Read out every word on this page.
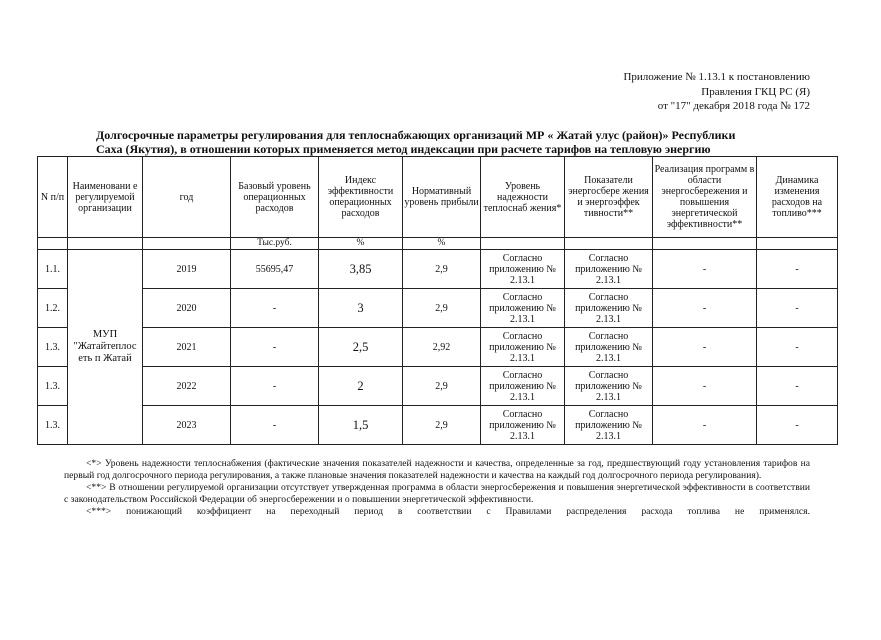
Приложение № 1.13.1 к постановлению
Правления ГКЦ РС (Я)
от "17" декабря 2018 года № 172
Долгосрочные параметры регулирования для теплоснабжающих организаций МР « Жатай улус (район)» Республики
Саха (Якутия), в отношении которых применяется метод индексации при расчете тарифов на тепловую энергию
N п/п	Наименовани е регулируемой организации	год	Базовый уровень операционных расходов	Индекс эффективности операционных расходов	Нормативный уровень прибыли	Уровень надежности теплоснаб жения*	Показатели энергосбере жения и энергоэффек тивности**	Реализация программ в области энергосбережения и повышения энергетической эффективности**	Динамика изменения расходов на топливо***
			Тыс.руб.	%	%				
1.1.	МУП "Жатайтеплос еть п Жатай	2019	55695,47	3,85	2,9	Согласно приложению № 2.13.1	Согласно приложению № 2.13.1	-	-
1.2.		2020	-	3	2,9	Согласно приложению № 2.13.1	Согласно приложению № 2.13.1	-	-
1.3.		2021	-	2,5	2,92	Согласно приложению № 2.13.1	Согласно приложению № 2.13.1	-	-
1.3.		2022	-	2	2,9	Согласно приложению № 2.13.1	Согласно приложению № 2.13.1	-	-
1.3.		2023	-	1,5	2,9	Согласно приложению № 2.13.1	Согласно приложению № 2.13.1	-	-

<*> Уровень надежности теплоснабжения (фактические значения показателей надежности и качества, определенные за год, предшествующий году установления тарифов на первый год долгосрочного периода регулирования, а также плановые значения показателей надежности и качества на каждый год долгосрочного периода регулирования).

<**> В отношении регулируемой организации отсутствует утвержденная программа в области энергосбережения и повышения энергетической эффективности в соответствии с законодательством Российской Федерации об энергосбережении и о повышении энергетической эффективности.

<***> понижающий коэффициент на переходный период в соответствии с Правилами распределения расхода топлива не применялся.
